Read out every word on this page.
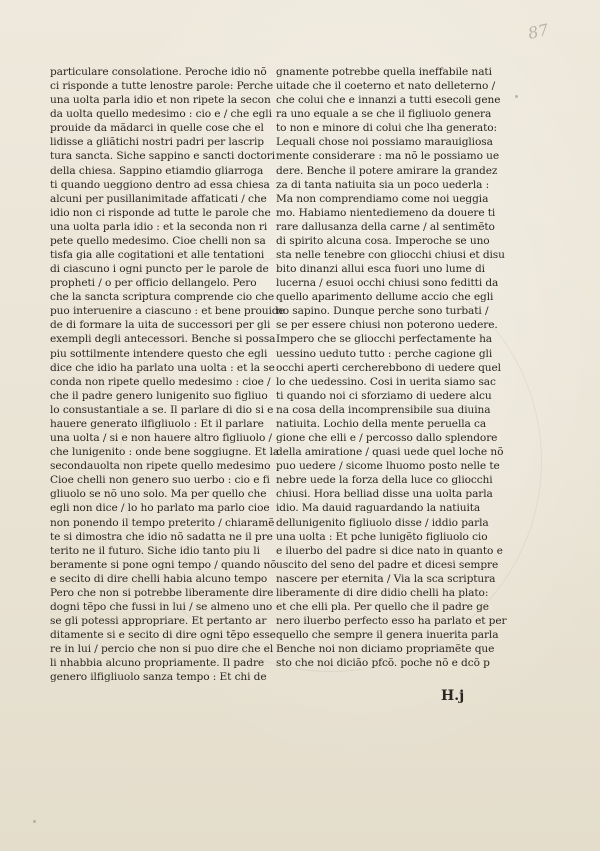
87
particulare consolatione. Peroche idio nõ
ci risponde a tutte lenostre parole: Perche
una uolta parla idio et non ripete la secon
da uolta quello medesimo : cio e / che egli
prouide da mãdarci in quelle cose che el
lidisse a gliãtichi nostri padri per lascrip
tura sancta. Siche sappino e sancti doctori
della chiesa. Sappino etiamdio gliarroga
ti quando ueggiono dentro ad essa chiesa
alcuni per pusillanimitade affaticati / che
idio non ci risponde ad tutte le parole che
una uolta parla idio : et la seconda non ri
pete quello medesimo. Cioe chelli non sa
tisfa gia alle cogitationi et alle tentationi
di ciascuno i ogni puncto per le parole de
propheti / o per officio dellangelo. Pero
che la sancta scriptura comprende cio che
puo interuenire a ciascuno : et bene prouide
de di formare la uita de successori per gli
exempli degli antecessori. Benche si possa
piu sottilmente intendere questo che egli
dice che idio ha parlato una uolta : et la se
conda non ripete quello medesimo : cioe /
che il padre genero lunigenito suo figliuo
lo consustantiale a se. Il parlare di dio si e
hauere generato ilfigliuolo : Et il parlare
una uolta / si e non hauere altro figliuolo /
che lunigenito : onde bene soggiugne. Et la
secondauolta non ripete quello medesimo
Cioe chelli non genero suo uerbo : cio e fi
gliuolo se nõ uno solo. Ma per quello che
egli non dice / lo ho parlato ma parlo cioe
non ponendo il tempo preterito / chiaramẽ
te si dimostra che idio nõ sadatta ne il pre
terito ne il futuro. Siche idio tanto piu li
beramente si pone ogni tempo / quando nõ
e secito di dire chelli habia alcuno tempo
Pero che non si potrebbe liberamente dire
dogni tẽpo che fussi in lui / se almeno uno
se gli potessi appropriare. Et pertanto ar
ditamente si e secito di dire ogni tẽpo esse
re in lui / percio che non si puo dire che el
li nhabbia alcuno propriamente. Il padre
genero ilfigliuolo sanza tempo : Et chi de
gnamente potrebbe quella ineffabile nati
uitade che il coeterno et nato delleterno /
che colui che e innanzi a tutti esecoli gene
ra uno equale a se che il figliuolo genera
to non e minore di colui che lha generato:
Lequali chose noi possiamo marauigliosa
mente considerare : ma nõ le possiamo ue
dere. Benche il potere amirare la grandez
za di tanta natiuita sia un poco uederla :
Ma non comprendiamo come noi ueggia
mo. Habiamo nientediemeno da douere ti
rare dallusanza della carne / al sentimẽto
di spirito alcuna cosa. Imperoche se uno
sta nelle tenebre con gliocchi chiusi et disu
bito dinanzi allui esca fuori uno lume di
lucerna / esuoi occhi chiusi sono feditti da
quello aparimento dellume accio che egli
no sapino. Dunque perche sono turbati /
se per essere chiusi non poterono uedere.
Impero che se gliocchi perfectamente ha
uessino ueduto tutto : perche cagione gli
occhi aperti cercherebbono di uedere quel
lo che uedessino. Cosi in uerita siamo sac
ti quando noi ci sforziamo di uedere alcu
na cosa della incomprensibile sua diuina
natiuita. Lochio della mente peruella ca
gione che elli e / percosso dallo splendore
della amiratione / quasi uede quel loche nõ
puo uedere / sicome lhuomo posto nelle te
nebre uede la forza della luce co gliocchi
chiusi. Hora belliad disse una uolta parla
idio. Ma dauid raguardando la natiuita
dellunigenito figliuolo disse / iddio parla
una uolta : Et pche lunigẽto figliuolo cio
e iluerbo del padre si dice nato in quanto e
uscito del seno del padre et dicesi sempre
nascere per eternita / Via la sca scriptura
liberamente di dire didio chelli ha plato:
et che elli pla. Per quello che il padre ge
nero iluerbo perfecto esso ha parlato et per
quello che sempre il genera inuerita parla
Benche noi non diciamo propriamẽte que
sto che noi dicião pfcõ. poche nõ e dcõ p
H.j
